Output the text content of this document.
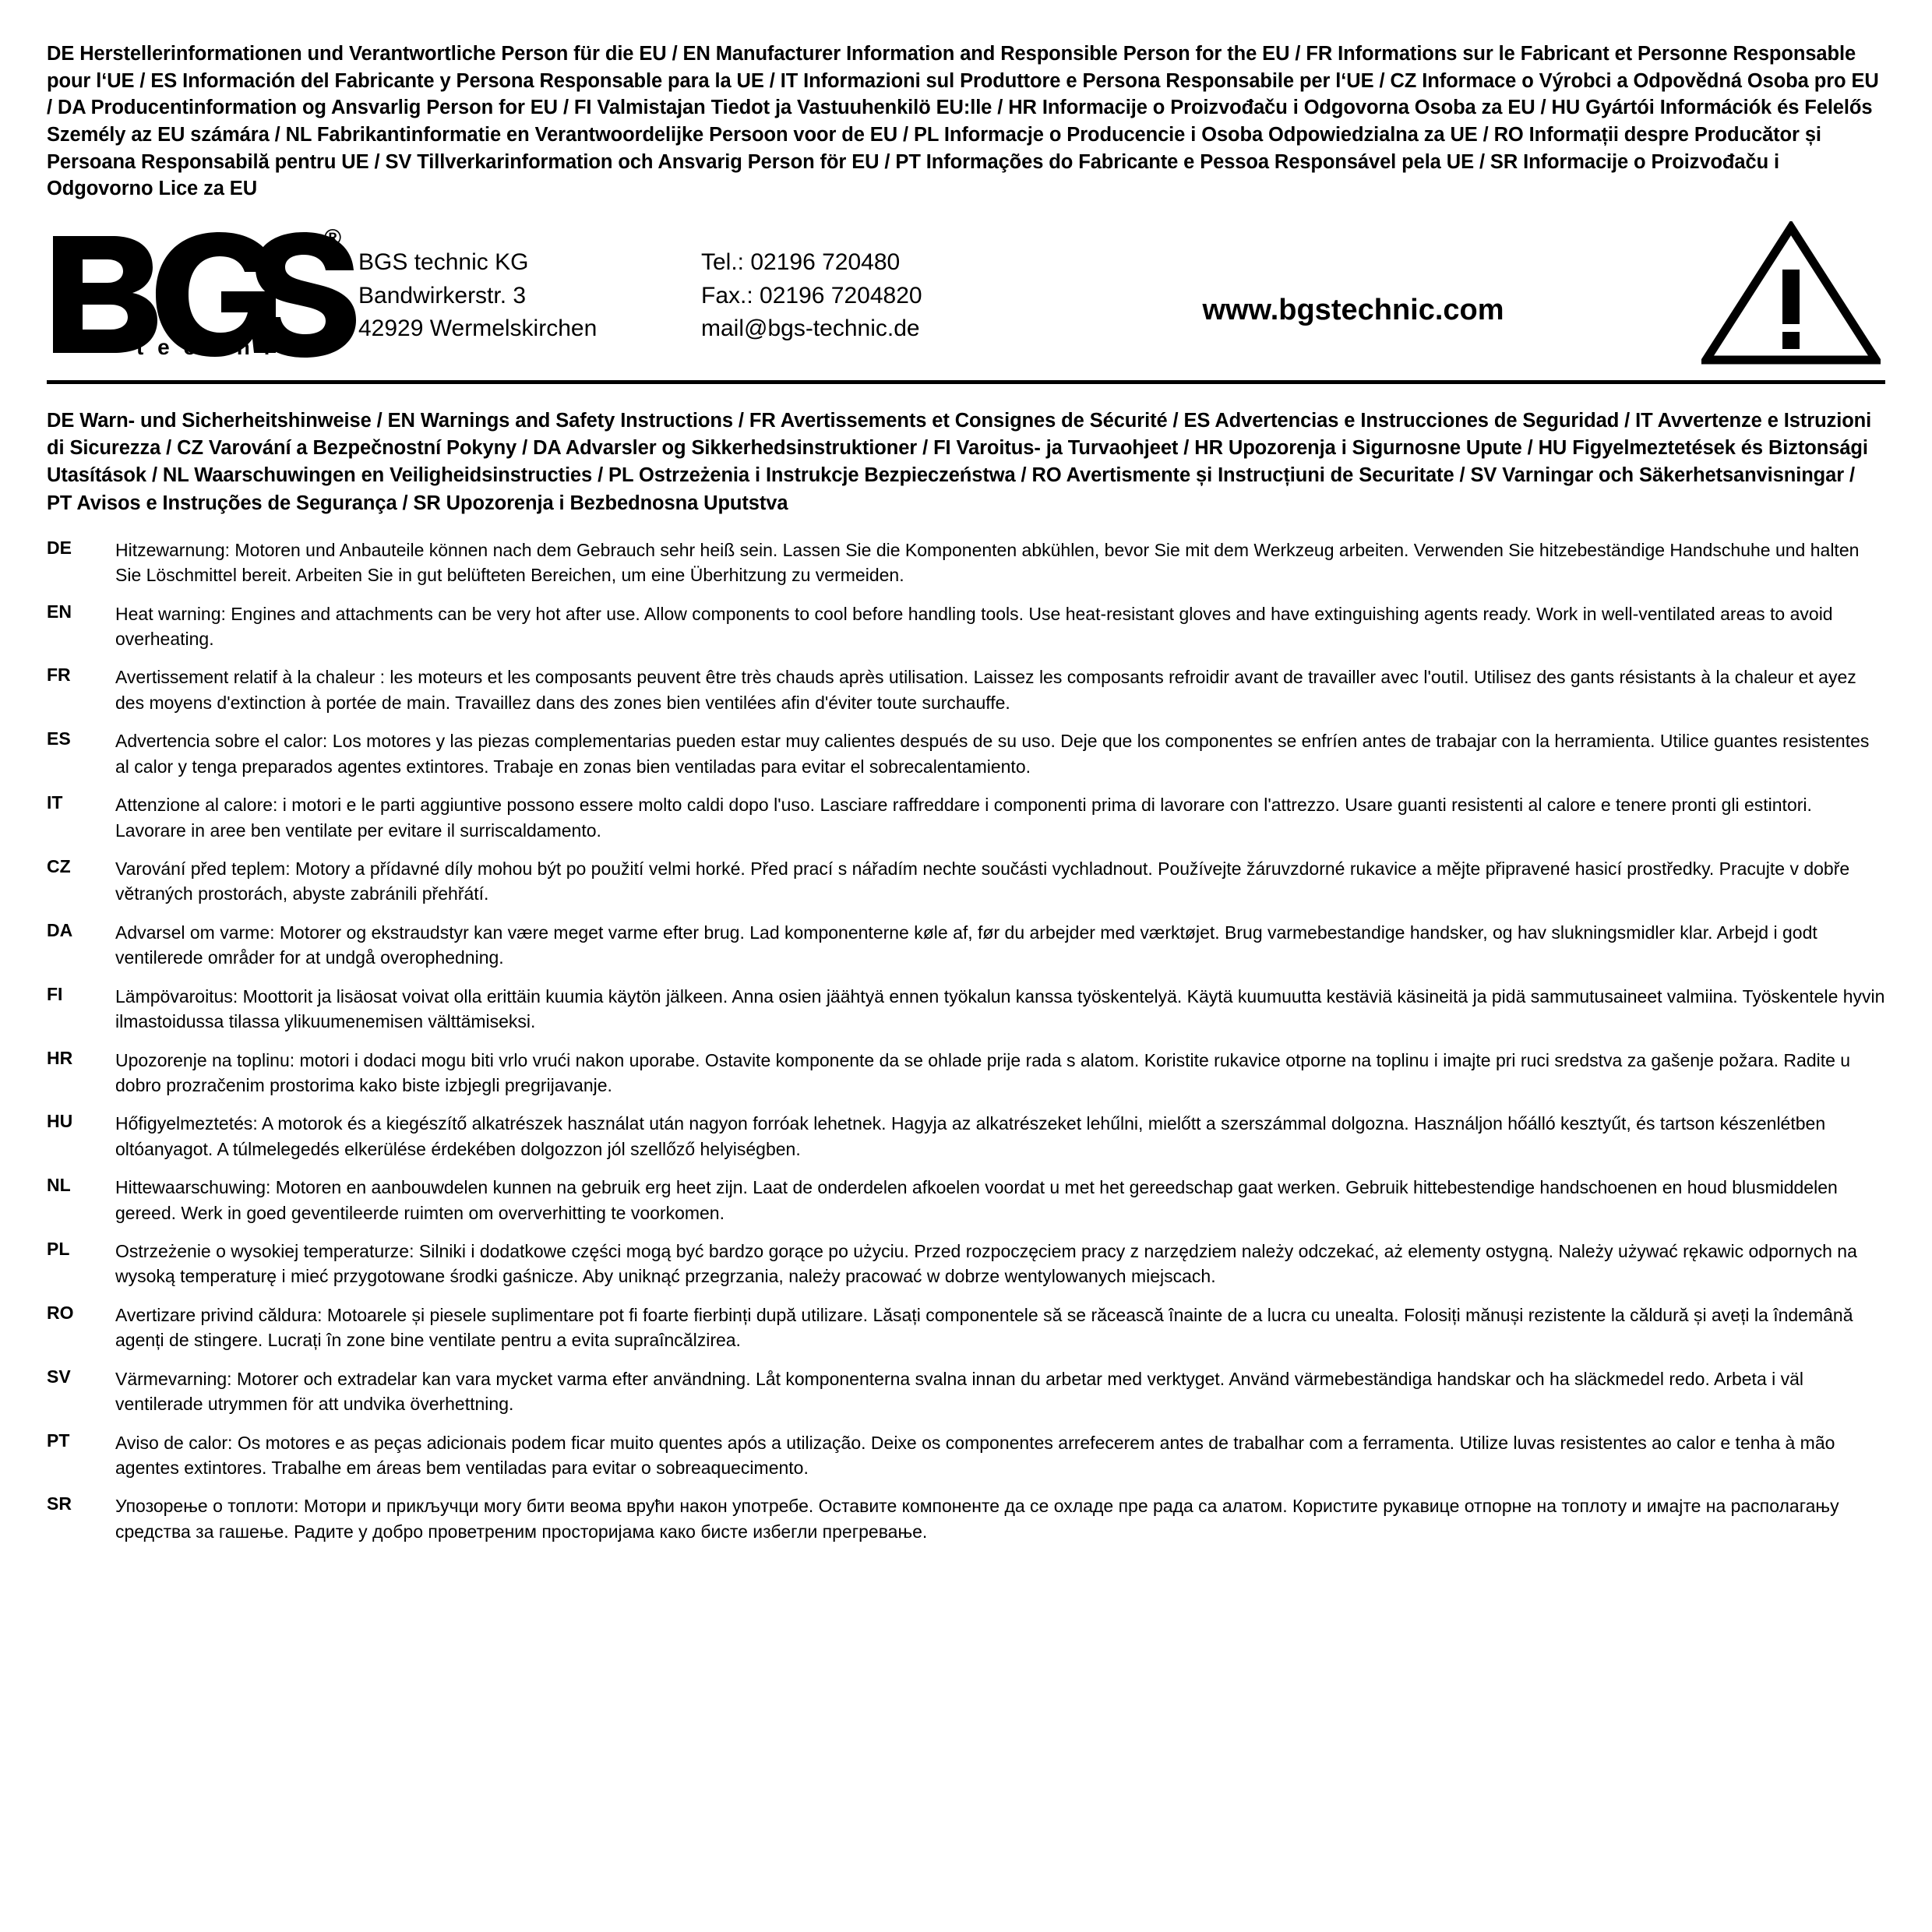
DE Herstellerinformationen und Verantwortliche Person für die EU / EN Manufacturer Information and Responsible Person for the EU / FR Informations sur le Fabricant et Personne Responsable pour l‘UE / ES Información del Fabricante y Persona Responsable para la UE / IT Informazioni sul Produttore e Persona Responsabile per l‘UE / CZ Informace o Výrobci a Odpovědná Osoba pro EU / DA Producentinformation og Ansvarlig Person for EU / FI Valmistajan Tiedot ja Vastuuhenkilö EU:lle / HR Informacije o Proizvođaču i Odgovorna Osoba za EU / HU Gyártói Információk és Felelős Személy az EU számára / NL Fabrikantinformatie en Verantwoordelijke Persoon voor de EU / PL Informacje o Producencie i Osoba Odpowiedzialna za UE / RO Informații despre Producător și Persoana Responsabilă pentru UE / SV Tillverkarinformation och Ansvarig Person för EU / PT Informações do Fabricante e Pessoa Responsável pela UE / SR Informacije o Proizvođaču i Odgovorno Lice za EU
®
t e c h n i c
BGS technic KG
Bandwirkerstr. 3
42929 Wermelskirchen
Tel.: 02196 720480
Fax.: 02196 7204820
mail@bgs-technic.de
www.bgstechnic.com
DE Warn- und Sicherheitshinweise / EN Warnings and Safety Instructions / FR Avertissements et Consignes de Sécurité / ES Advertencias e Instrucciones de Seguridad / IT Avvertenze e Istruzioni di Sicurezza / CZ Varování a Bezpečnostní Pokyny / DA Advarsler og Sikkerhedsinstruktioner / FI Varoitus- ja Turvaohjeet / HR Upozorenja i Sigurnosne Upute / HU Figyelmeztetések és Biztonsági Utasítások / NL Waarschuwingen en Veiligheidsinstructies / PL Ostrzeżenia i Instrukcje Bezpieczeństwa / RO Avertismente și Instrucțiuni de Securitate / SV Varningar och Säkerhetsanvisningar / PT Avisos e Instruções de Segurança / SR Upozorenja i Bezbednosna Uputstva
DE	Hitzewarnung: Motoren und Anbauteile können nach dem Gebrauch sehr heiß sein. Lassen Sie die Komponenten abkühlen, bevor Sie mit dem Werkzeug arbeiten. Verwenden Sie hitzebeständige Handschuhe und halten Sie Löschmittel bereit. Arbeiten Sie in gut belüfteten Bereichen, um eine Überhitzung zu vermeiden.
EN	Heat warning: Engines and attachments can be very hot after use. Allow components to cool before handling tools. Use heat-resistant gloves and have extinguishing agents ready. Work in well-ventilated areas to avoid overheating.
FR	Avertissement relatif à la chaleur : les moteurs et les composants peuvent être très chauds après utilisation. Laissez les composants refroidir avant de travailler avec l'outil. Utilisez des gants résistants à la chaleur et ayez des moyens d'extinction à portée de main. Travaillez dans des zones bien ventilées afin d'éviter toute surchauffe.
ES	Advertencia sobre el calor: Los motores y las piezas complementarias pueden estar muy calientes después de su uso. Deje que los componentes se enfríen antes de trabajar con la herramienta. Utilice guantes resistentes al calor y tenga preparados agentes extintores. Trabaje en zonas bien ventiladas para evitar el sobrecalentamiento.
IT	Attenzione al calore: i motori e le parti aggiuntive possono essere molto caldi dopo l'uso. Lasciare raffreddare i componenti prima di lavorare con l'attrezzo. Usare guanti resistenti al calore e tenere pronti gli estintori. Lavorare in aree ben ventilate per evitare il surriscaldamento.
CZ	Varování před teplem: Motory a přídavné díly mohou být po použití velmi horké. Před prací s nářadím nechte součásti vychladnout. Používejte žáruvzdorné rukavice a mějte připravené hasicí prostředky. Pracujte v dobře větraných prostorách, abyste zabránili přehřátí.
DA	Advarsel om varme: Motorer og ekstraudstyr kan være meget varme efter brug. Lad komponenterne køle af, før du arbejder med værktøjet. Brug varmebestandige handsker, og hav slukningsmidler klar. Arbejd i godt ventilerede områder for at undgå overophedning.
FI	Lämpövaroitus: Moottorit ja lisäosat voivat olla erittäin kuumia käytön jälkeen. Anna osien jäähtyä ennen työkalun kanssa työskentelyä. Käytä kuumuutta kestäviä käsineitä ja pidä sammutusaineet valmiina. Työskentele hyvin ilmastoidussa tilassa ylikuumenemisen välttämiseksi.
HR	Upozorenje na toplinu: motori i dodaci mogu biti vrlo vrući nakon uporabe. Ostavite komponente da se ohlade prije rada s alatom. Koristite rukavice otporne na toplinu i imajte pri ruci sredstva za gašenje požara. Radite u dobro prozračenim prostorima kako biste izbjegli pregrijavanje.
HU	Hőfigyelmeztetés: A motorok és a kiegészítő alkatrészek használat után nagyon forróak lehetnek. Hagyja az alkatrészeket lehűlni, mielőtt a szerszámmal dolgozna. Használjon hőálló kesztyűt, és tartson készenlétben oltóanyagot. A túlmelegedés elkerülése érdekében dolgozzon jól szellőző helyiségben.
NL	Hittewaarschuwing: Motoren en aanbouwdelen kunnen na gebruik erg heet zijn. Laat de onderdelen afkoelen voordat u met het gereedschap gaat werken. Gebruik hittebestendige handschoenen en houd blusmiddelen gereed. Werk in goed geventileerde ruimten om oververhitting te voorkomen.
PL	Ostrzeżenie o wysokiej temperaturze: Silniki i dodatkowe części mogą być bardzo gorące po użyciu. Przed rozpoczęciem pracy z narzędziem należy odczekać, aż elementy ostygną. Należy używać rękawic odpornych na wysoką temperaturę i mieć przygotowane środki gaśnicze. Aby uniknąć przegrzania, należy pracować w dobrze wentylowanych miejscach.
RO	Avertizare privind căldura: Motoarele și piesele suplimentare pot fi foarte fierbinți după utilizare. Lăsați componentele să se răcească înainte de a lucra cu unealta. Folosiți mănuși rezistente la căldură și aveți la îndemână agenți de stingere. Lucrați în zone bine ventilate pentru a evita supraîncălzirea.
SV	Värmevarning: Motorer och extradelar kan vara mycket varma efter användning. Låt komponenterna svalna innan du arbetar med verktyget. Använd värmebeständiga handskar och ha släckmedel redo. Arbeta i väl ventilerade utrymmen för att undvika överhettning.
PT	Aviso de calor: Os motores e as peças adicionais podem ficar muito quentes após a utilização. Deixe os componentes arrefecerem antes de trabalhar com a ferramenta. Utilize luvas resistentes ao calor e tenha à mão agentes extintores. Trabalhe em áreas bem ventiladas para evitar o sobreaquecimento.
SR	Упозорење о топлоти: Мотори и прикључци могу бити веома врући након употребе. Оставите компоненте да се охладе пре рада са алатом. Користите рукавице отпорне на топлоту и имајте на располагању средства за гашење. Радите у добро проветреним просторијама како бисте избегли прегревање.
